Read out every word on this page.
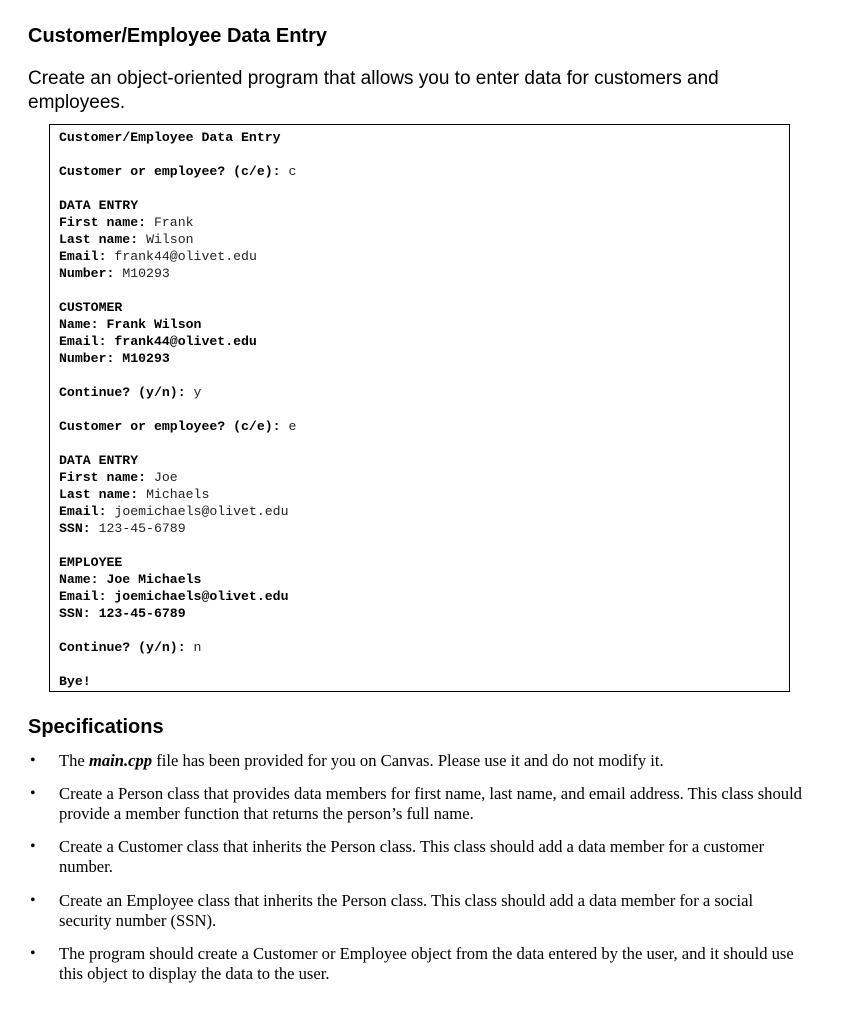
Customer/Employee Data Entry
Create an object-oriented program that allows you to enter data for customers and employees.
Customer/Employee Data Entry
Customer or employee? (c/e): c
DATA ENTRY
First name: Frank
Last name: Wilson
Email: frank44@olivet.edu
Number: M10293
CUSTOMER
Name: Frank Wilson
Email: frank44@olivet.edu
Number: M10293
Continue? (y/n): y
Customer or employee? (c/e): e
DATA ENTRY
First name: Joe
Last name: Michaels
Email: joemichaels@olivet.edu
SSN: 123-45-6789
EMPLOYEE
Name: Joe Michaels
Email: joemichaels@olivet.edu
SSN: 123-45-6789
Continue? (y/n): n
Bye!
Specifications
• The main.cpp file has been provided for you on Canvas. Please use it and do not modify it.
• Create a Person class that provides data members for first name, last name, and email address. This class should provide a member function that returns the person’s full name.
• Create a Customer class that inherits the Person class. This class should add a data member for a customer number.
• Create an Employee class that inherits the Person class. This class should add a data member for a social security number (SSN).
• The program should create a Customer or Employee object from the data entered by the user, and it should use this object to display the data to the user.
